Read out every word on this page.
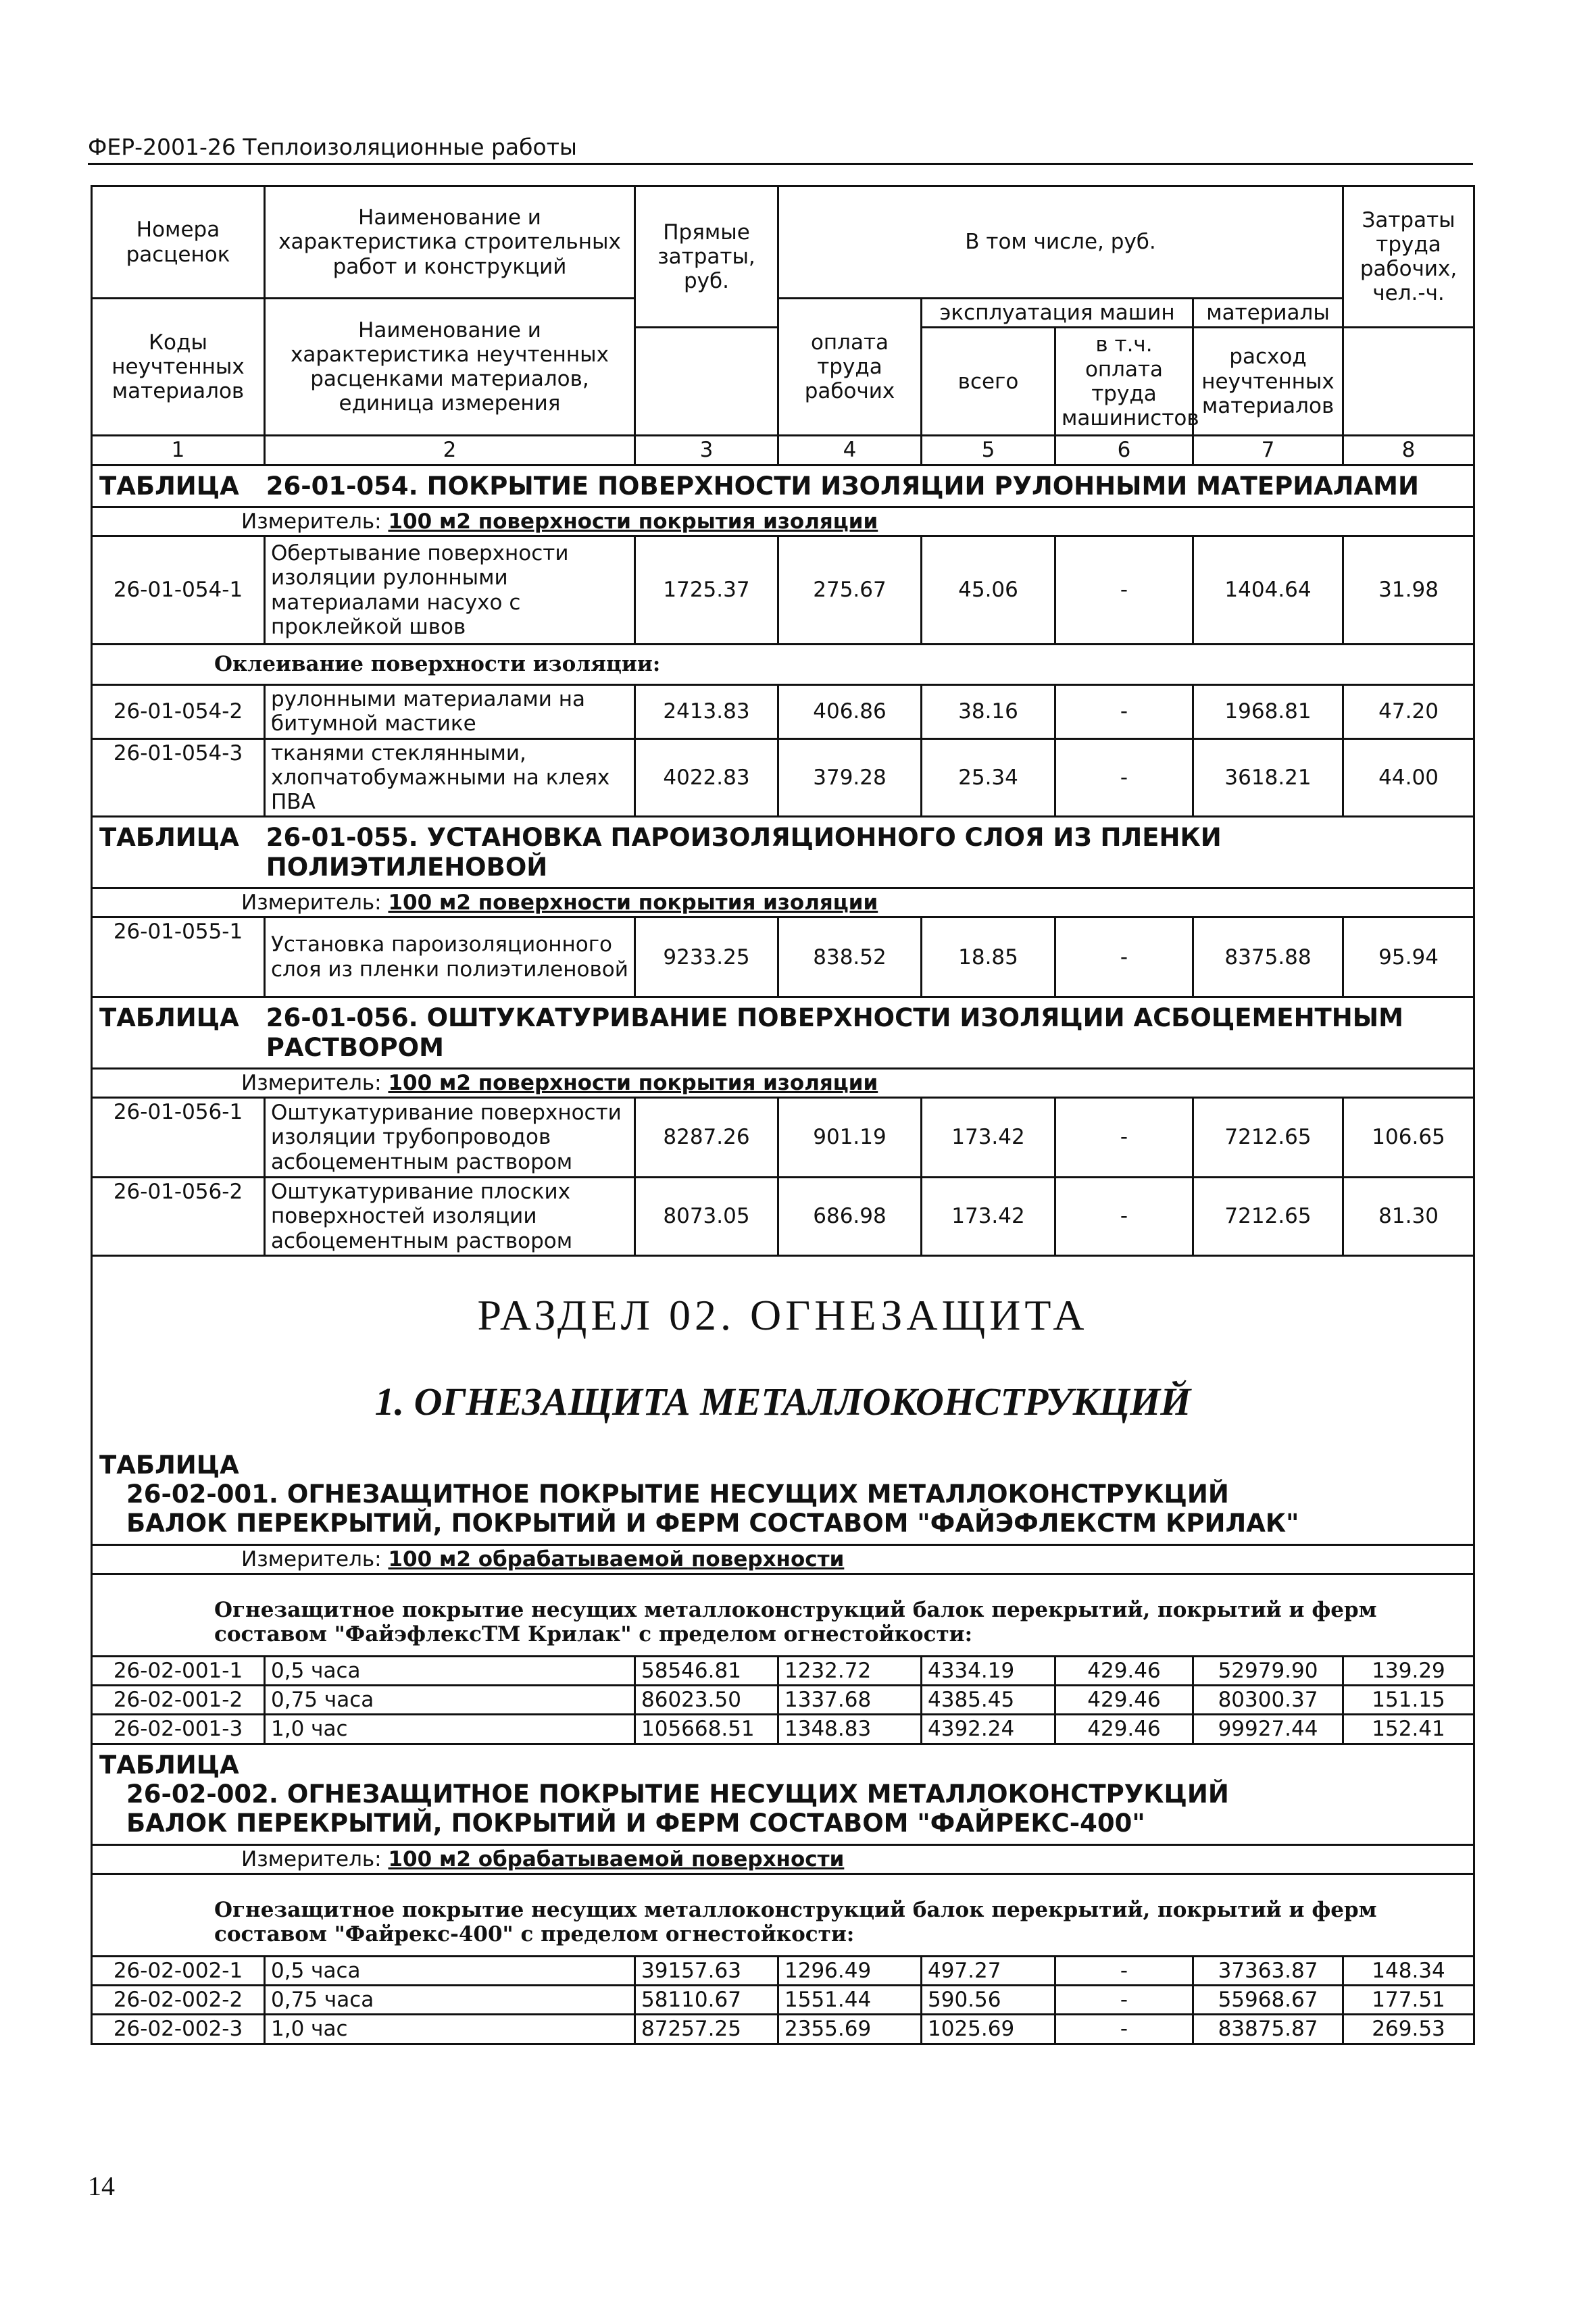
ФЕР-2001-26 Теплоизоляционные работы
Номера расценок	Наименование и характеристика строительных работ и конструкций	Прямые затраты, руб.	В том числе, руб.				Затраты труда рабочих, чел.-ч.
Коды неучтенных материалов	Наименование и характеристика неучтенных расценками материалов, единица измерения		оплата труда рабочих	эксплуатация машин		материалы	
				всего	в т.ч. оплата труда машинистов	расход неучтенных материалов	
1	2	3	4	5	6	7	8
ТАБЛИЦА 26-01-054. ПОКРЫТИЕ ПОВЕРХНОСТИ ИЗОЛЯЦИИ РУЛОННЫМИ МАТЕРИАЛАМИ							
Измеритель: 100 м2 поверхности покрытия изоляции							
26-01-054-1	Обертывание поверхности изоляции рулонными материалами насухо с проклейкой швов	1725.37	275.67	45.06	-	1404.64	31.98
Оклеивание поверхности изоляции:							
26-01-054-2	рулонными материалами на битумной мастике	2413.83	406.86	38.16	-	1968.81	47.20
26-01-054-3	тканями стеклянными, хлопчатобумажными на клеях ПВА	4022.83	379.28	25.34	-	3618.21	44.00
ТАБЛИЦА 26-01-055. УСТАНОВКА ПАРОИЗОЛЯЦИОННОГО СЛОЯ ИЗ ПЛЕНКИ ПОЛИЭТИЛЕНОВОЙ							
Измеритель: 100 м2 поверхности покрытия изоляции							
26-01-055-1	Установка пароизоляционного слоя из пленки полиэтиленовой	9233.25	838.52	18.85	-	8375.88	95.94
ТАБЛИЦА 26-01-056. ОШТУКАТУРИВАНИЕ ПОВЕРХНОСТИ ИЗОЛЯЦИИ АСБОЦЕМЕНТНЫМ РАСТВОРОМ							
Измеритель: 100 м2 поверхности покрытия изоляции							
26-01-056-1	Оштукатуривание поверхности изоляции трубопроводов асбоцементным раствором	8287.26	901.19	173.42	-	7212.65	106.65
26-01-056-2	Оштукатуривание плоских поверхностей изоляции асбоцементным раствором	8073.05	686.98	173.42	-	7212.65	81.30

РАЗДЕЛ 02. ОГНЕЗАЩИТА
1. ОГНЕЗАЩИТА МЕТАЛЛОКОНСТРУКЦИЙ							

ТАБЛИЦА26-02-001. ОГНЕЗАЩИТНОЕ ПОКРЫТИЕ НЕСУЩИХ МЕТАЛЛОКОНСТРУКЦИЙ БАЛОК ПЕРЕКРЫТИЙ, ПОКРЫТИЙ И ФЕРМ СОСТАВОМ "ФАЙЭФЛЕКСТМ КРИЛАК"							
Измеритель: 100 м2 обрабатываемой поверхности							
Огнезащитное покрытие несущих металлоконструкций балок перекрытий, покрытий и ферм составом "ФайэфлексТМ Крилак" с пределом огнестойкости:							
26-02-001-1	0,5 часа	58546.81	1232.72	4334.19	429.46	52979.90	139.29
26-02-001-2	0,75 часа	86023.50	1337.68	4385.45	429.46	80300.37	151.15
26-02-001-3	1,0 час	105668.51	1348.83	4392.24	429.46	99927.44	152.41
ТАБЛИЦА26-02-002. ОГНЕЗАЩИТНОЕ ПОКРЫТИЕ НЕСУЩИХ МЕТАЛЛОКОНСТРУКЦИЙ БАЛОК ПЕРЕКРЫТИЙ, ПОКРЫТИЙ И ФЕРМ СОСТАВОМ "ФАЙРЕКС-400"							
Измеритель: 100 м2 обрабатываемой поверхности							
Огнезащитное покрытие несущих металлоконструкций балок перекрытий, покрытий и ферм составом "Файрекс-400" с пределом огнестойкости:							
26-02-002-1	0,5 часа	39157.63	1296.49	497.27	-	37363.87	148.34
26-02-002-2	0,75 часа	58110.67	1551.44	590.56	-	55968.67	177.51
26-02-002-3	1,0 час	87257.25	2355.69	1025.69	-	83875.87	269.53
14
